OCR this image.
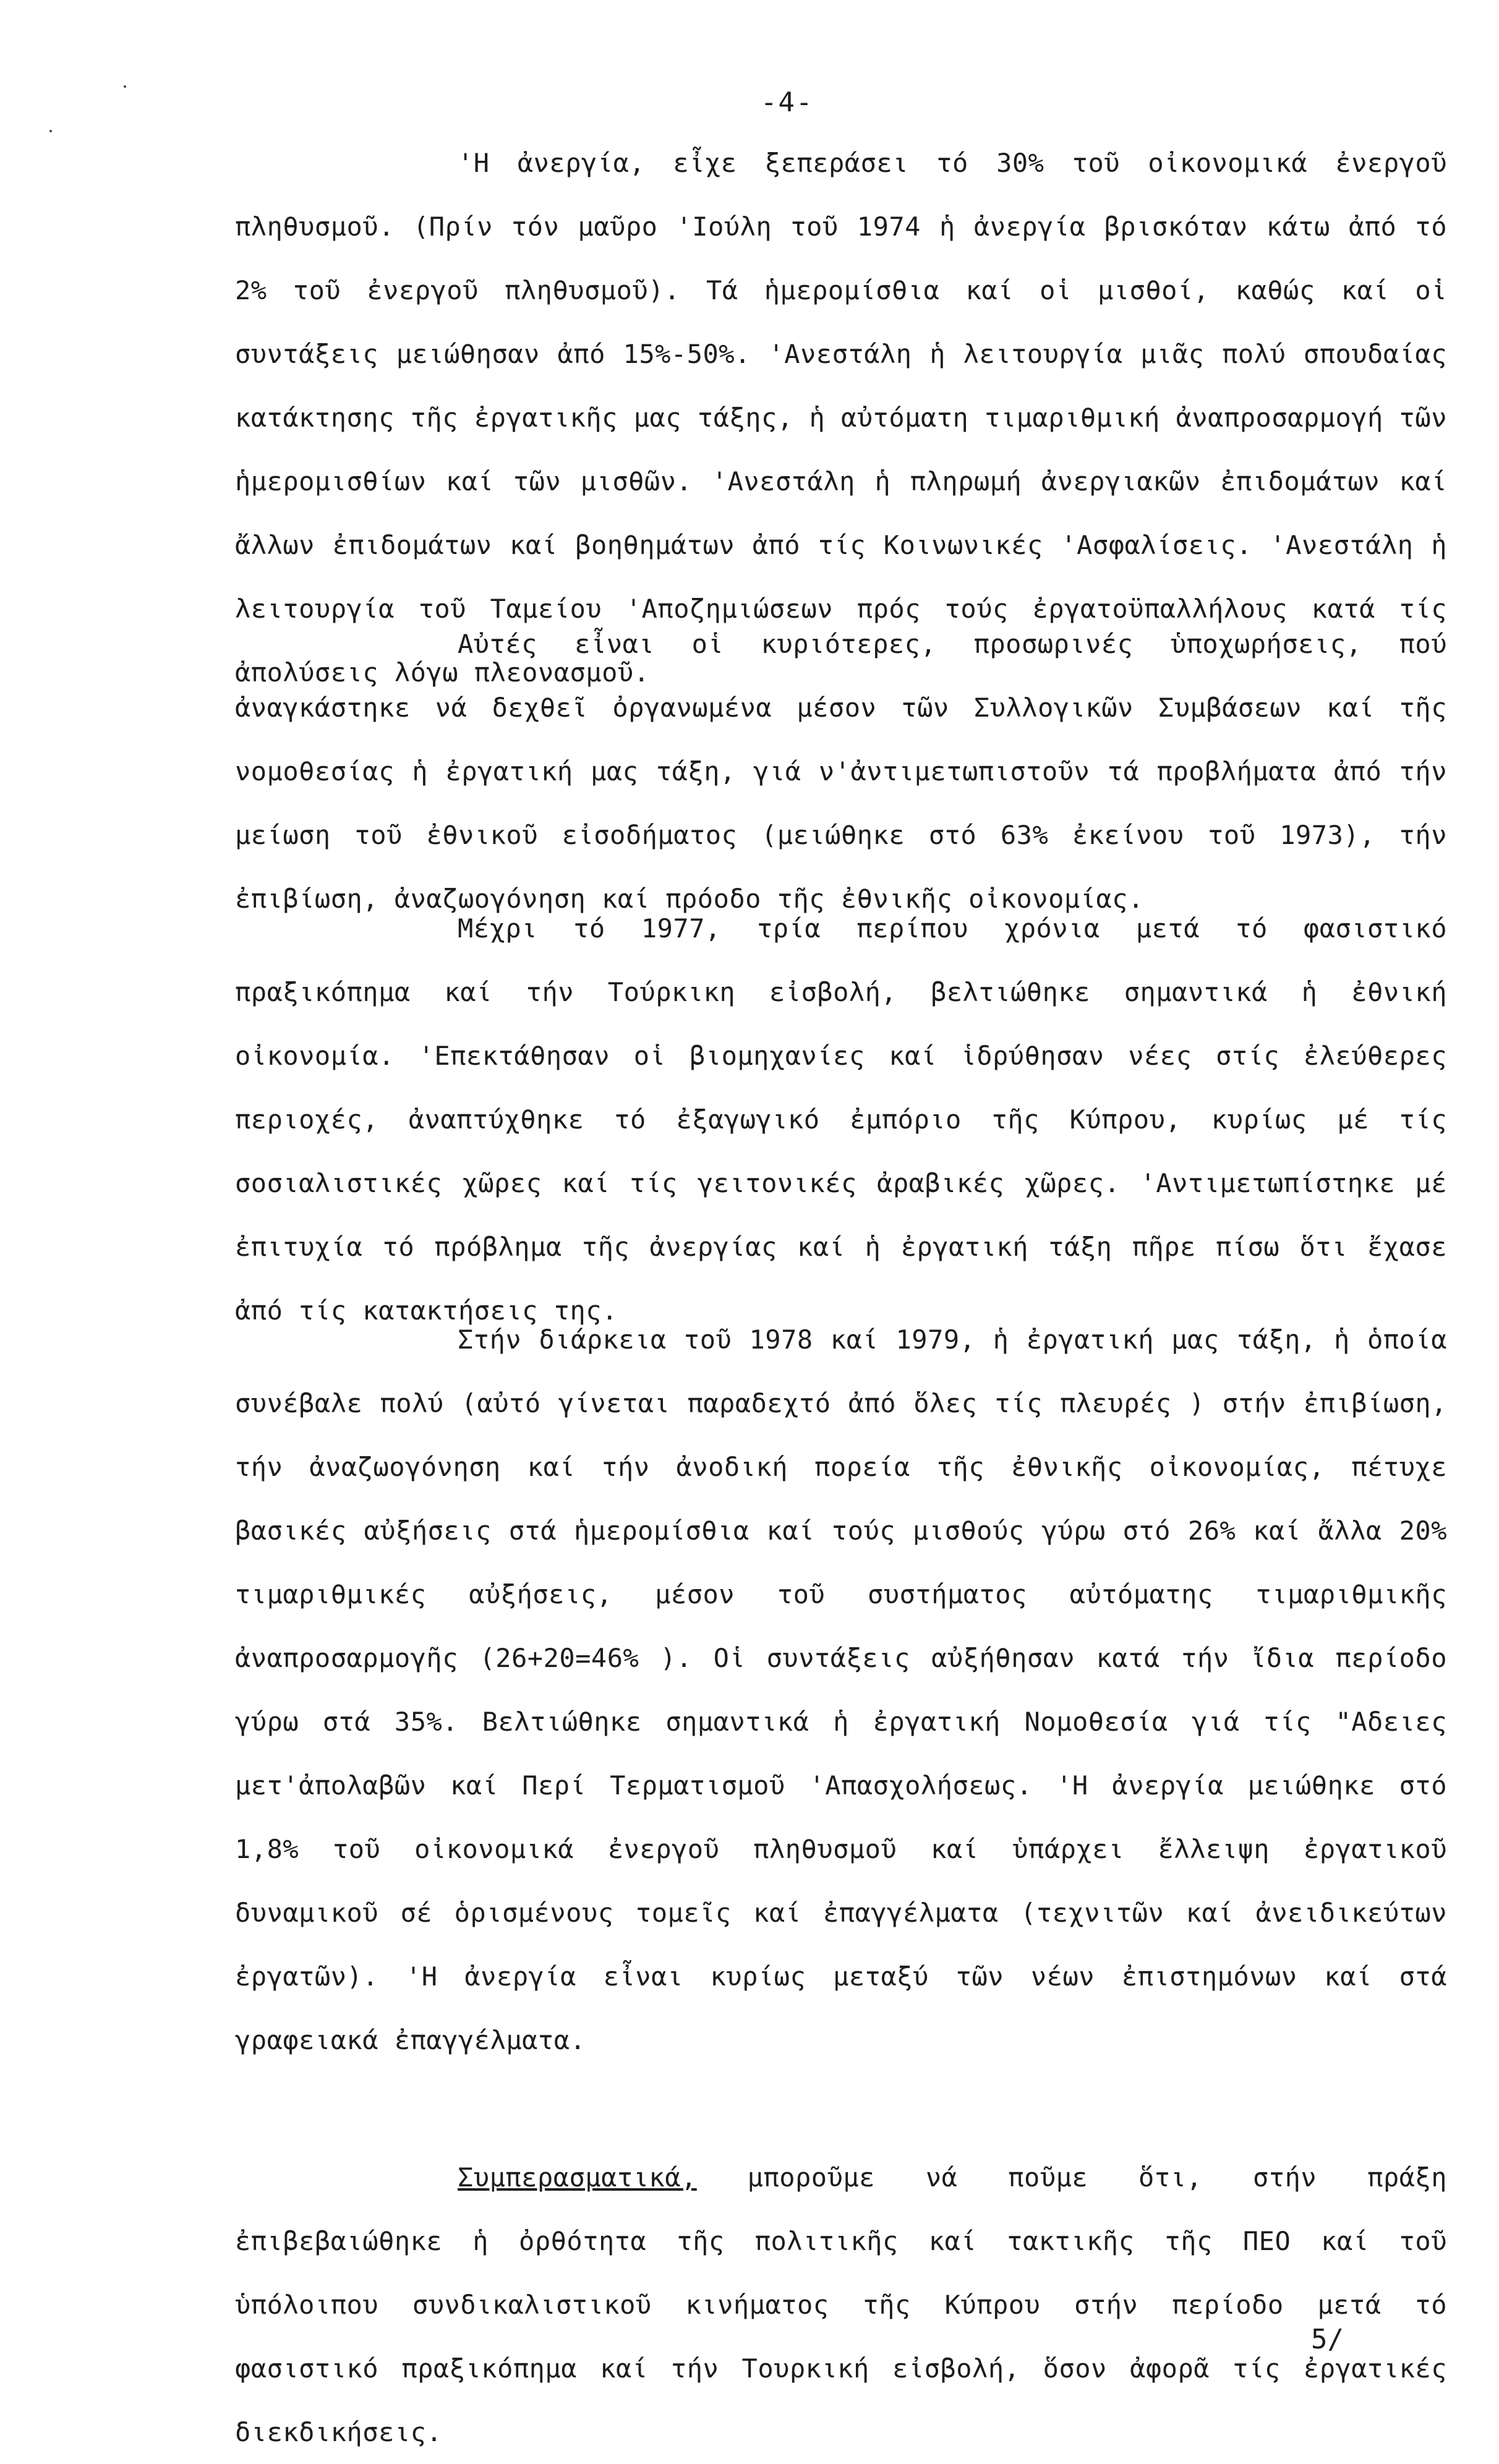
-4-

'Η ἀνεργία, εἶχε ξεπεράσει τό 30% τοῦ οἰκονομικά ἐνεργοῦ πληθυσμοῦ. (Πρίν τόν μαῦρο 'Ιούλη τοῦ 1974 ἡ ἀνεργία βρισκόταν κάτω ἀπό τό 2% τοῦ ἐνεργοῦ πληθυσμοῦ). Τά ἡμερομίσθια καί οἱ μισθοί, καθώς καί οἱ συντάξεις μειώθησαν ἀπό 15%-50%. 'Ανεστάλη ἡ λειτουργία μιᾶς πολύ σπουδαίας κατάκτησης τῆς ἐργατικῆς μας τάξης, ἡ αὐτόματη τιμαριθμική ἀναπροσαρμογή τῶν ἡμερομισθίων καί τῶν μισθῶν. 'Ανεστάλη ἡ πληρωμή ἀνεργιακῶν ἐπιδομάτων καί ἄλλων ἐπιδομάτων καί βοηθημάτων ἀπό τίς Κοινωνικές 'Ασφαλίσεις. 'Ανεστάλη ἡ λειτουργία τοῦ Ταμείου 'Αποζημιώσεων πρός τούς ἐργατοϋπαλλήλους κατά τίς ἀπολύσεις λόγω πλεονασμοῦ.

Αὐτές εἶναι οἱ κυριότερες, προσωρινές ὑποχωρήσεις, πού ἀναγκάστηκε νά δεχθεῖ ὀργανωμένα μέσον τῶν Συλλογικῶν Συμβάσεων καί τῆς νομοθεσίας ἡ ἐργατική μας τάξη, γιά ν'ἀντιμετωπιστοῦν τά προβλήματα ἀπό τήν μείωση τοῦ ἐθνικοῦ εἰσοδήματος (μειώθηκε στό 63% ἐκείνου τοῦ 1973), τήν ἐπιβίωση, ἀναζωογόνηση καί πρόοδο τῆς ἐθνικῆς οἰκονομίας.

Μέχρι τό 1977, τρία περίπου χρόνια μετά τό φασιστικό πραξικόπημα καί τήν Τούρκικη εἰσβολή, βελτιώθηκε σημαντικά ἡ ἐθνική οἰκονομία. 'Επεκτάθησαν οἱ βιομηχανίες καί ἱδρύθησαν νέες στίς ἐλεύθερες περιοχές, ἀναπτύχθηκε τό ἐξαγωγικό ἐμπόριο τῆς Κύπρου, κυρίως μέ τίς σοσιαλιστικές χῶρες καί τίς γειτονικές ἀραβικές χῶρες. 'Αντιμετωπίστηκε μέ ἐπιτυχία τό πρόβλημα τῆς ἀνεργίας καί ἡ ἐργατική τάξη πῆρε πίσω ὅτι ἔχασε ἀπό τίς κατακτήσεις της.

Στήν διάρκεια τοῦ 1978 καί 1979, ἡ ἐργατική μας τάξη, ἡ ὁποία συνέβαλε πολύ (αὐτό γίνεται παραδεχτό ἀπό ὅλες τίς πλευρές ) στήν ἐπιβίωση, τήν ἀναζωογόνηση καί τήν ἀνοδική πορεία τῆς ἐθνικῆς οἰκονομίας, πέτυχε βασικές αὐξήσεις στά ἡμερομίσθια καί τούς μισθούς γύρω στό 26% καί ἄλλα 20% τιμαριθμικές αὐξήσεις, μέσον τοῦ συστήματος αὐτόματης τιμαριθμικῆς ἀναπροσαρμογῆς (26+20=46% ). Οἱ συντάξεις αὐξήθησαν κατά τήν ἴδια περίοδο γύρω στά 35%. Βελτιώθηκε σημαντικά ἡ ἐργατική Νομοθεσία γιά τίς "Αδειες μετ'ἀπολαβῶν καί Περί Τερματισμοῦ 'Απασχολήσεως. 'Η ἀνεργία μειώθηκε στό 1,8% τοῦ οἰκονομικά ἐνεργοῦ πληθυσμοῦ καί ὑπάρχει ἔλλειψη ἐργατικοῦ δυναμικοῦ σέ ὁρισμένους τομεῖς καί ἐπαγγέλματα (τεχνιτῶν καί ἀνειδικεύτων ἐργατῶν). 'Η ἀνεργία εἶναι κυρίως μεταξύ τῶν νέων ἐπιστημόνων καί στά γραφειακά ἐπαγγέλματα.

Συμπερασματικά, μποροῦμε νά ποῦμε ὅτι, στήν πράξη ἐπιβεβαιώθηκε ἡ ὀρθότητα τῆς πολιτικῆς καί τακτικῆς τῆς ΠΕΟ καί τοῦ ὑπόλοιπου συνδικαλιστικοῦ κινήματος τῆς Κύπρου στήν περίοδο μετά τό φασιστικό πραξικόπημα καί τήν Τουρκική εἰσβολή, ὅσον ἀφορᾶ τίς ἐργατικές διεκδικήσεις.

5/
